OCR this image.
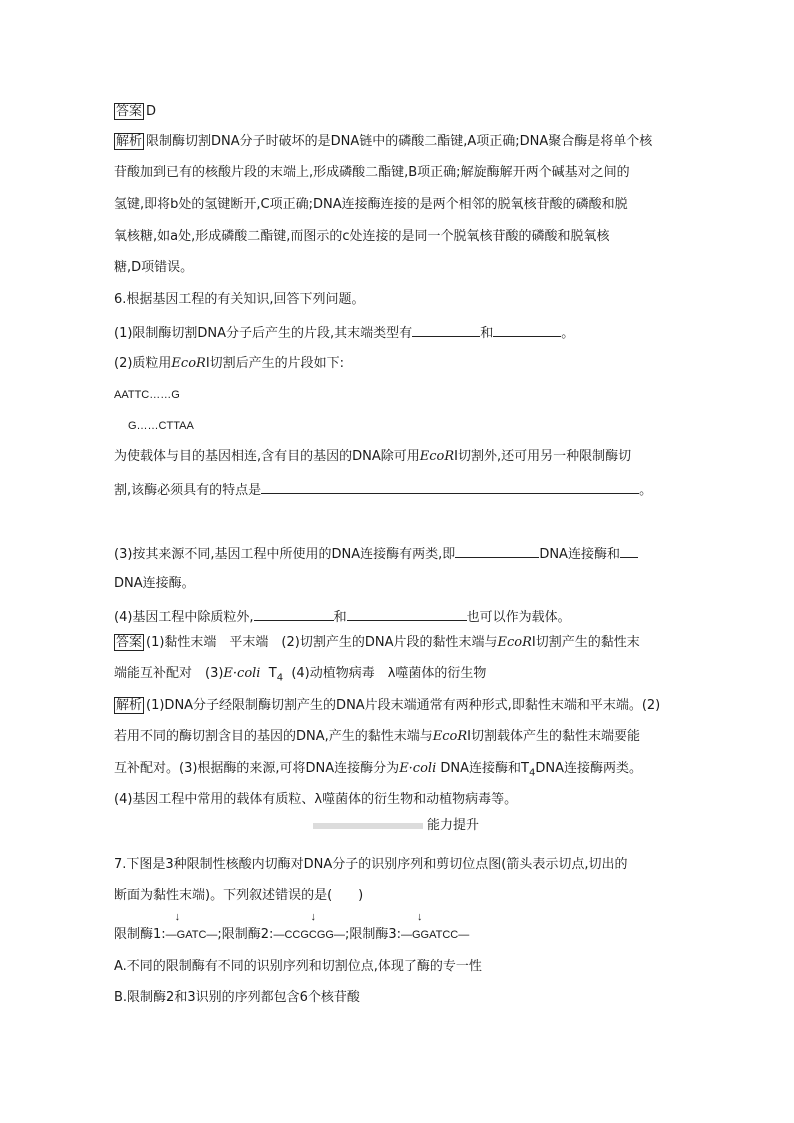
答案 D
解析 限制酶切割DNA分子时破坏的是DNA链中的磷酸二酯键,A项正确;DNA聚合酶是将单个核
苷酸加到已有的核酸片段的末端上,形成磷酸二酯键,B项正确;解旋酶解开两个碱基对之间的
氢键,即将b处的氢键断开,C项正确;DNA连接酶连接的是两个相邻的脱氧核苷酸的磷酸和脱
氧核糖,如a处,形成磷酸二酯键,而图示的c处连接的是同一个脱氧核苷酸的磷酸和脱氧核
糖,D项错误。
6.根据基因工程的有关知识,回答下列问题。
(1)限制酶切割DNA分子后产生的片段,其末端类型有	和	。
(2)质粒用EcoRⅠ切割后产生的片段如下:
AATTC……G
G……CTTAA
为使载体与目的基因相连,含有目的基因的DNA除可用EcoRⅠ切割外,还可用另一种限制酶切
割,该酶必须具有的特点是	。
(3)按其来源不同,基因工程中所使用的DNA连接酶有两类,即	DNA连接酶和
DNA连接酶。
(4)基因工程中除质粒外,	和	也可以作为载体。
答案 (1)黏性末端　平末端　(2)切割产生的DNA片段的黏性末端与EcoRⅠ切割产生的黏性末
端能互补配对　(3)E·coli $T_4$ (4)动植物病毒　λ噬菌体的衍生物
解析 (1)DNA分子经限制酶切割产生的DNA片段末端通常有两种形式,即黏性末端和平末端。(2)
若用不同的酶切割含目的基因的DNA,产生的黏性末端与EcoRⅠ切割载体产生的黏性末端要能
互补配对。(3)根据酶的来源,可将DNA连接酶分为E·coli DNA连接酶和$T_4DNA$连接酶两类。
(4)基因工程中常用的载体有质粒、λ噬菌体的衍生物和动植物病毒等。
能力提升
7.下图是3种限制性核酸内切酶对DNA分子的识别序列和剪切位点图(箭头表示切点,切出的
断面为黏性末端)。下列叙述错误的是(　　)
限制酶1:
↓
—GATC—;限制酶2:
↓
—CCGCGG—;限制酶3:
↓
—GGATCC—
A.不同的限制酶有不同的识别序列和切割位点,体现了酶的专一性
B.限制酶2和3识别的序列都包含6个核苷酸
